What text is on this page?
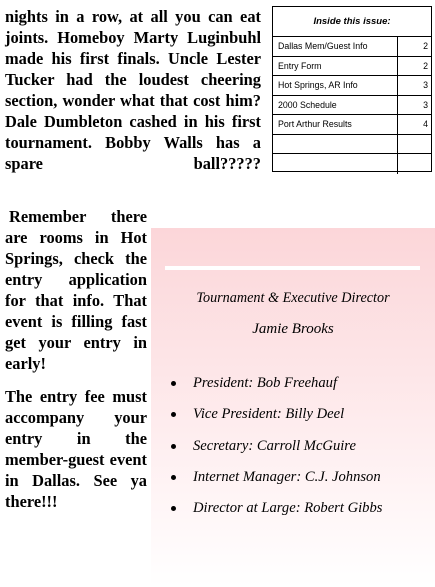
nights in a row, at all you can eat joints. Homeboy Marty Luginbuhl made his first finals. Uncle Lester Tucker had the loudest cheering section, wonder what that cost him? Dale Dumbleton cashed in his first tournament. Bobby Walls has a spare ball?????

Remember there are rooms in Hot Springs, check the entry application for that info. That event is filling fast get your entry in early!

The entry fee must accompany your entry in the member-guest event in Dallas. See ya there!!!

Inside this issue:
Dallas Mem/Guest Info	2
Entry Form	2
Hot Springs, AR Info	3
2000 Schedule	3
Port Arthur Results	4
Tournament & Executive Director
Jamie Brooks
President: Bob Freehauf
Vice President: Billy Deel
Secretary: Carroll McGuire
Internet Manager: C.J. Johnson
Director at Large: Robert Gibbs
